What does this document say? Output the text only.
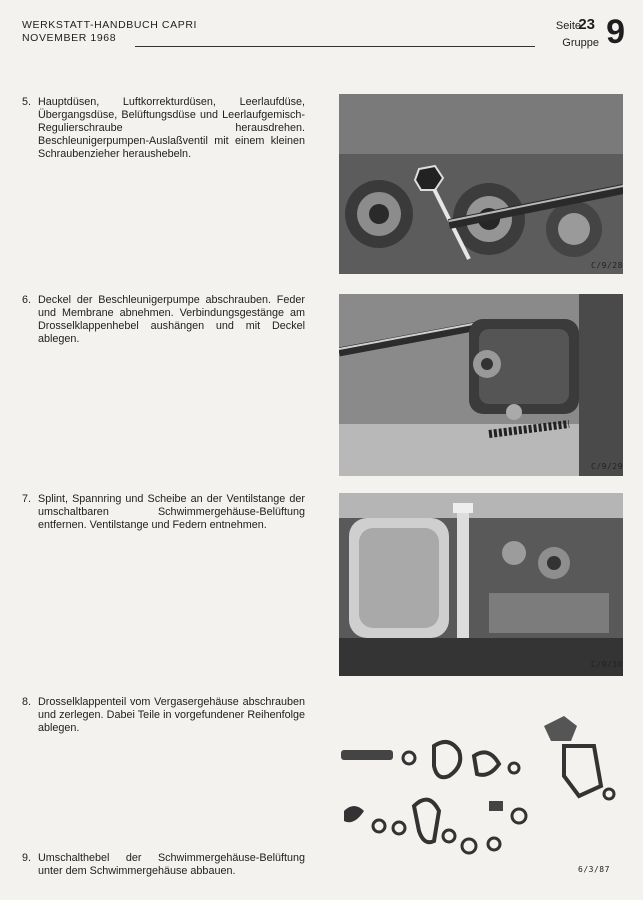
WERKSTATT-HANDBUCH CAPRI
NOVEMBER 1968
Seite
23
Gruppe 9
5. Hauptdüsen, Luftkorrekturdüsen, Leerlaufdüse, Übergangsdüse, Belüftungsdüse und Leerlaufgemisch-Regulierschraube herausdrehen. Beschleunigerpumpen-Auslaßventil mit einem kleinen Schraubenzieher heraushebeln.
6. Deckel der Beschleunigerpumpe abschrauben. Feder und Membrane abnehmen. Verbindungsgestänge am Drosselklappenhebel aushängen und mit Deckel ablegen.
7. Splint, Spannring und Scheibe an der Ventilstange der umschaltbaren Schwimmergehäuse-Belüftung entfernen. Ventilstange und Federn entnehmen.
8. Drosselklappenteil vom Vergasergehäuse abschrauben und zerlegen. Dabei Teile in vorgefundener Reihenfolge ablegen.
9. Umschalthebel der Schwimmergehäuse-Belüftung unter dem Schwimmergehäuse abbauen.
C/9/28
C/9/29
C/9/30
6/3/87
